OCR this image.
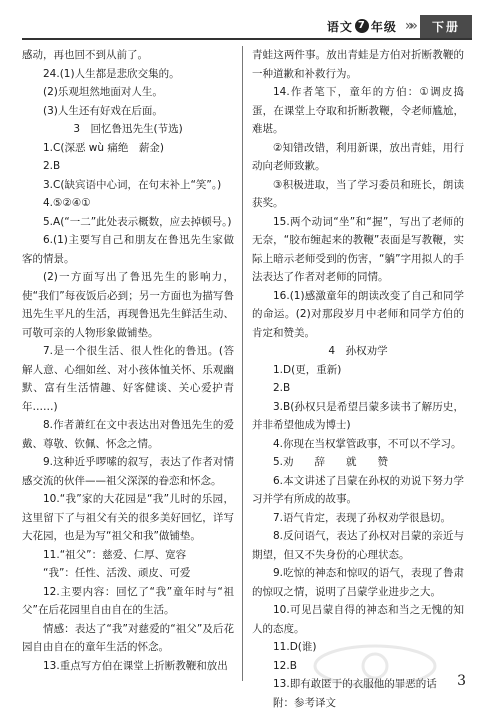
语文 7 年级 »»	下册

感动，再也回不到从前了。

24.(1)人生都是悲欣交集的。

(2)乐观坦然地面对人生。

(3)人生还有好戏在后面。

3　回忆鲁迅先生(节选)

1.C(深恶 wù 痛绝　薪金)

2.B

3.C(缺宾语中心词，在句末补上“笑”。)

4.⑤②④①

5.A(“一二”此处表示概数，应去掉顿号。)

6.(1)主要写自己和朋友在鲁迅先生家做客的情景。

(2)一方面写出了鲁迅先生的影响力，使“我们”每夜饭后必到；另一方面也为描写鲁迅先生平凡的生活，再现鲁迅先生鲜活生动、可敬可亲的人物形象做铺垫。

7.是一个很生活、很人性化的鲁迅。(答解人意、心细如丝、对小孩体恤关怀、乐观幽默、富有生活情趣、好客健谈、关心爱护青年……)

8.作者萧红在文中表达出对鲁迅先生的爱戴、尊敬、钦佩、怀念之情。

9.这种近乎啰嗦的叙写，表达了作者对情感交流的伙伴——祖父深深的眷恋和怀念。

10.“我”家的大花园是“我”儿时的乐园，这里留下了与祖父有关的很多美好回忆，详写大花园，也是为写“祖父和我”做铺垫。

11.“祖父”：慈爱、仁厚、宽容

“我”：任性、活泼、顽皮、可爱

12.主要内容：回忆了“我”童年时与“祖父”在后花园里自由自在的生活。

情感：表达了“我”对慈爱的“祖父”及后花园自由自在的童年生活的怀念。

13.重点写方伯在课堂上折断教鞭和放出

青蛙这两件事。放出青蛙是方伯对折断教鞭的一种道歉和补救行为。

14.作者笔下，童年的方伯：①调皮捣蛋，在课堂上夺取和折断教鞭，令老师尴尬，难堪。

②知错改错，利用新课，放出青蛙，用行动向老师致歉。

③积极进取，当了学习委员和班长，朗读获奖。

15.两个动词“坐”和“握”，写出了老师的无奈，“胶布缠起来的教鞭”表面是写教鞭，实际上暗示老师受到的伤害，“躺”字用拟人的手法表达了作者对老师的同情。

16.(1)感激童年的朗读改变了自己和同学的命运。(2)对那段岁月中老师和同学方伯的肯定和赞美。

4　孙权劝学

1.D(更，重新)

2.B

3.B(孙权只是希望吕蒙多读书了解历史，并非希望他成为博士)

4.你现在当权掌管政事，不可以不学习。

5.劝　　辞　　就　　赞

6.本文讲述了吕蒙在孙权的劝说下努力学习并学有所成的故事。

7.语气肯定，表现了孙权劝学很恳切。

8.反问语气，表达了孙权对吕蒙的亲近与期望，但又不失身份的心理状态。

9.吃惊的神态和惊叹的语气，表现了鲁肃的惊叹之情，说明了吕蒙学业进步之大。

10.可见吕蒙自得的神态和当之无愧的知人的态度。

11.D(谁)

12.B

13.即有敢匿于的衣服他的罪恶的话

附：参考译文

3
